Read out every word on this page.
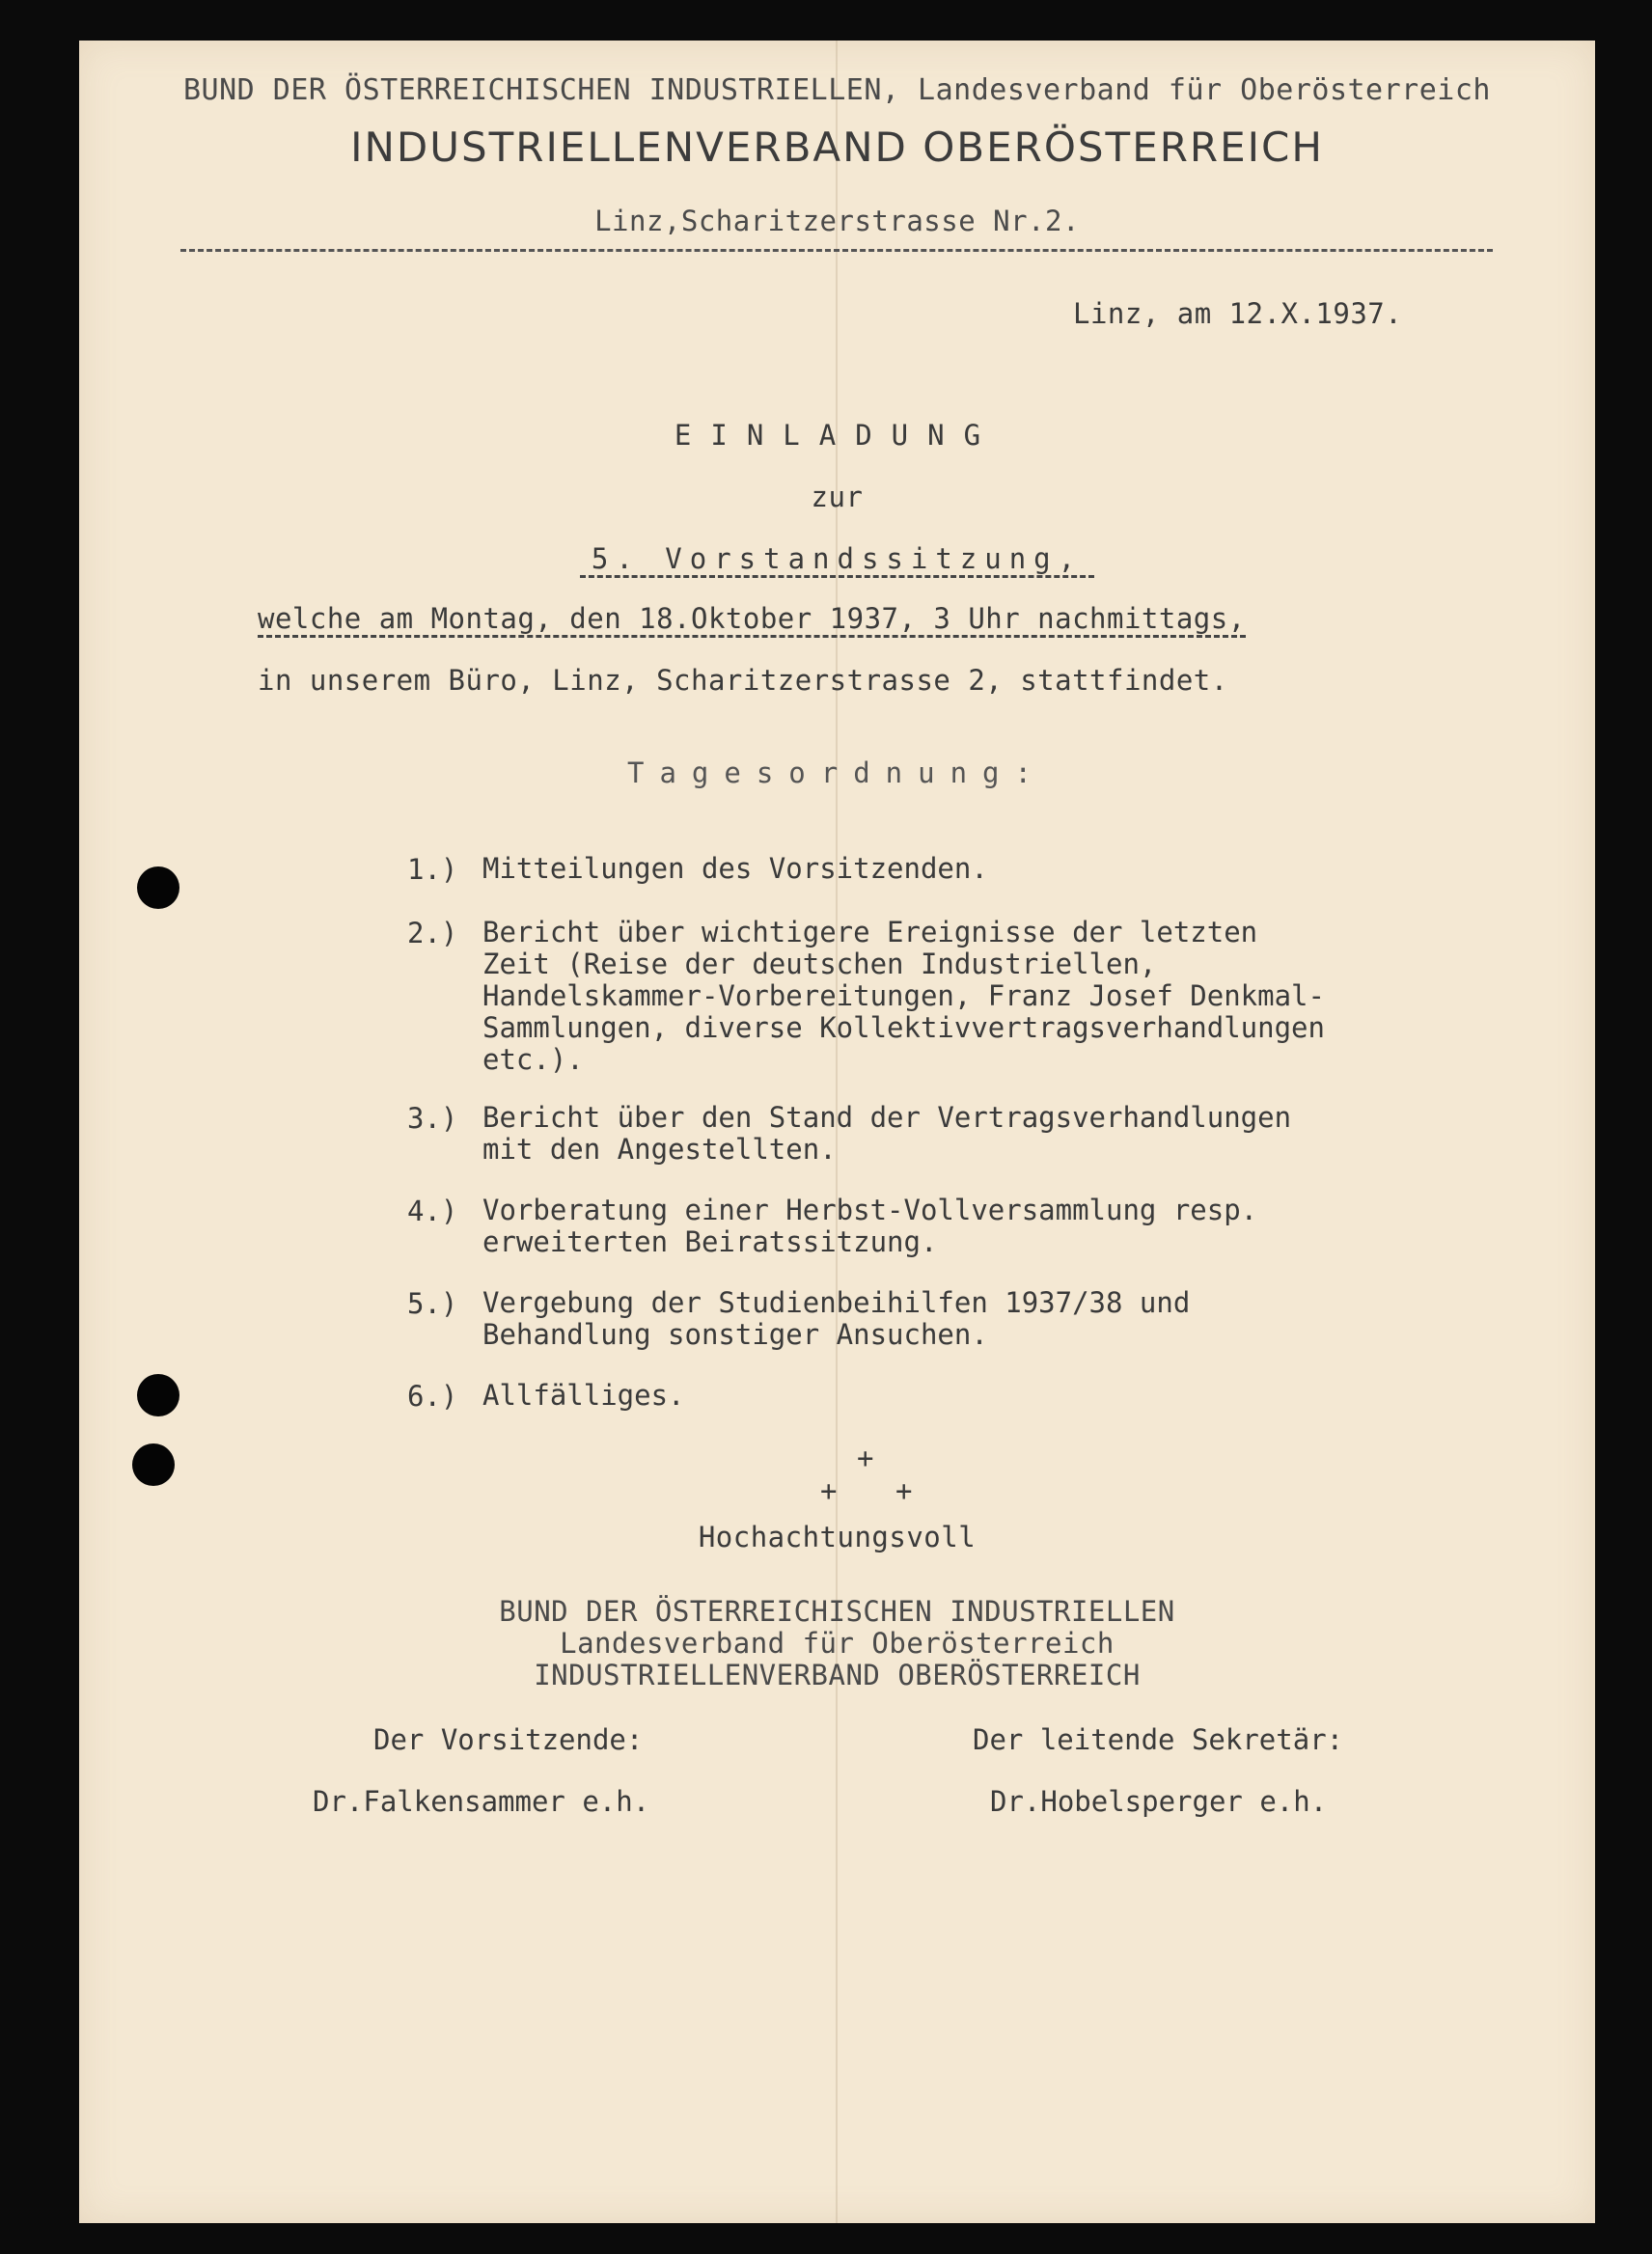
BUND DER ÖSTERREICHISCHEN INDUSTRIELLEN, Landesverband für Oberösterreich
INDUSTRIELLENVERBAND OBERÖSTERREICH
Linz,Scharitzerstrasse Nr.2.
Linz, am 12.X.1937.
EINLADUNG
zur
5. Vorstandssitzung,
welche am Montag, den 18.Oktober 1937, 3 Uhr nachmittags,
in unserem Büro, Linz, Scharitzerstrasse 2, stattfindet.
Tagesordnung:
1.) Mitteilungen des Vorsitzenden.
2.) Bericht über wichtigere Ereignisse der letzten
Zeit (Reise der deutschen Industriellen,
Handelskammer-Vorbereitungen, Franz Josef Denkmal-
Sammlungen, diverse Kollektivvertragsverhandlungen
etc.).
3.) Bericht über den Stand der Vertragsverhandlungen
mit den Angestellten.
4.) Vorberatung einer Herbst-Vollversammlung resp.
erweiterten Beiratssitzung.
5.) Vergebung der Studienbeihilfen 1937/38 und
Behandlung sonstiger Ansuchen.
6.) Allfälliges.
+
+ +
Hochachtungsvoll
BUND DER ÖSTERREICHISCHEN INDUSTRIELLEN
Landesverband für Oberösterreich
INDUSTRIELLENVERBAND OBERÖSTERREICH
Der Vorsitzende:
Dr.Falkensammer e.h.
Der leitende Sekretär:
Dr.Hobelsperger e.h.
